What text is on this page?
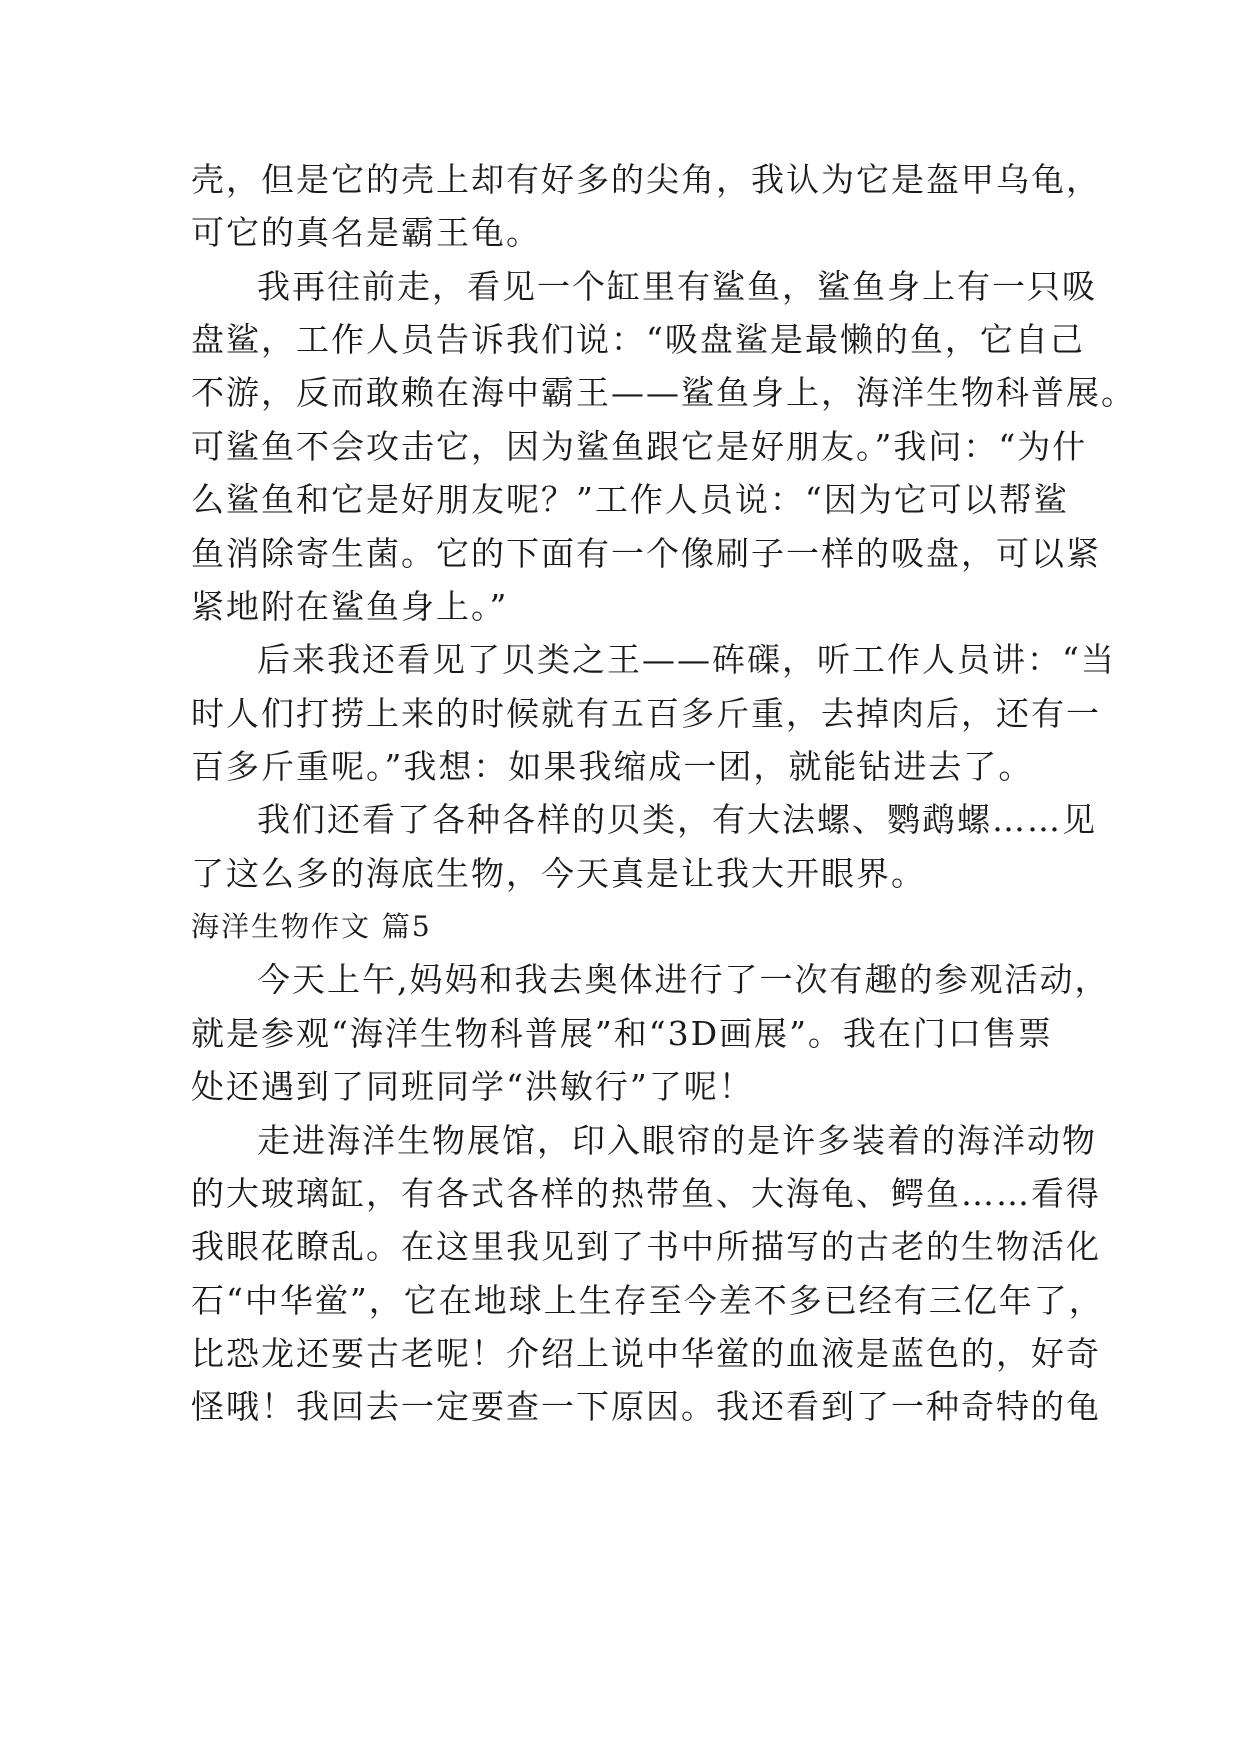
壳，但是它的壳上却有好多的尖角，我认为它是盔甲乌龟，
可它的真名是霸王龟。
我再往前走，看见一个缸里有鲨鱼，鲨鱼身上有一只吸
盘鲨，工作人员告诉我们说：“吸盘鲨是最懒的鱼，它自己
不游，反而敢赖在海中霸王——鲨鱼身上，海洋生物科普展。
可鲨鱼不会攻击它，因为鲨鱼跟它是好朋友。”我问：“为什
么鲨鱼和它是好朋友呢？”工作人员说：“因为它可以帮鲨
鱼消除寄生菌。它的下面有一个像刷子一样的吸盘，可以紧
紧地附在鲨鱼身上。”
后来我还看见了贝类之王——砗磲，听工作人员讲：“当
时人们打捞上来的时候就有五百多斤重，去掉肉后，还有一
百多斤重呢。”我想：如果我缩成一团，就能钻进去了。
我们还看了各种各样的贝类，有大法螺、鹦鹉螺……见
了这么多的海底生物，今天真是让我大开眼界。
海洋生物作文 篇5
今天上午,妈妈和我去奥体进行了一次有趣的参观活动，
就是参观“海洋生物科普展”和“3D画展”。我在门口售票
处还遇到了同班同学“洪敏行”了呢！
走进海洋生物展馆，印入眼帘的是许多装着的海洋动物
的大玻璃缸，有各式各样的热带鱼、大海龟、鳄鱼……看得
我眼花瞭乱。在这里我见到了书中所描写的古老的生物活化
石“中华鲎”，它在地球上生存至今差不多已经有三亿年了，
比恐龙还要古老呢！介绍上说中华鲎的血液是蓝色的，好奇
怪哦！我回去一定要查一下原因。我还看到了一种奇特的龟
